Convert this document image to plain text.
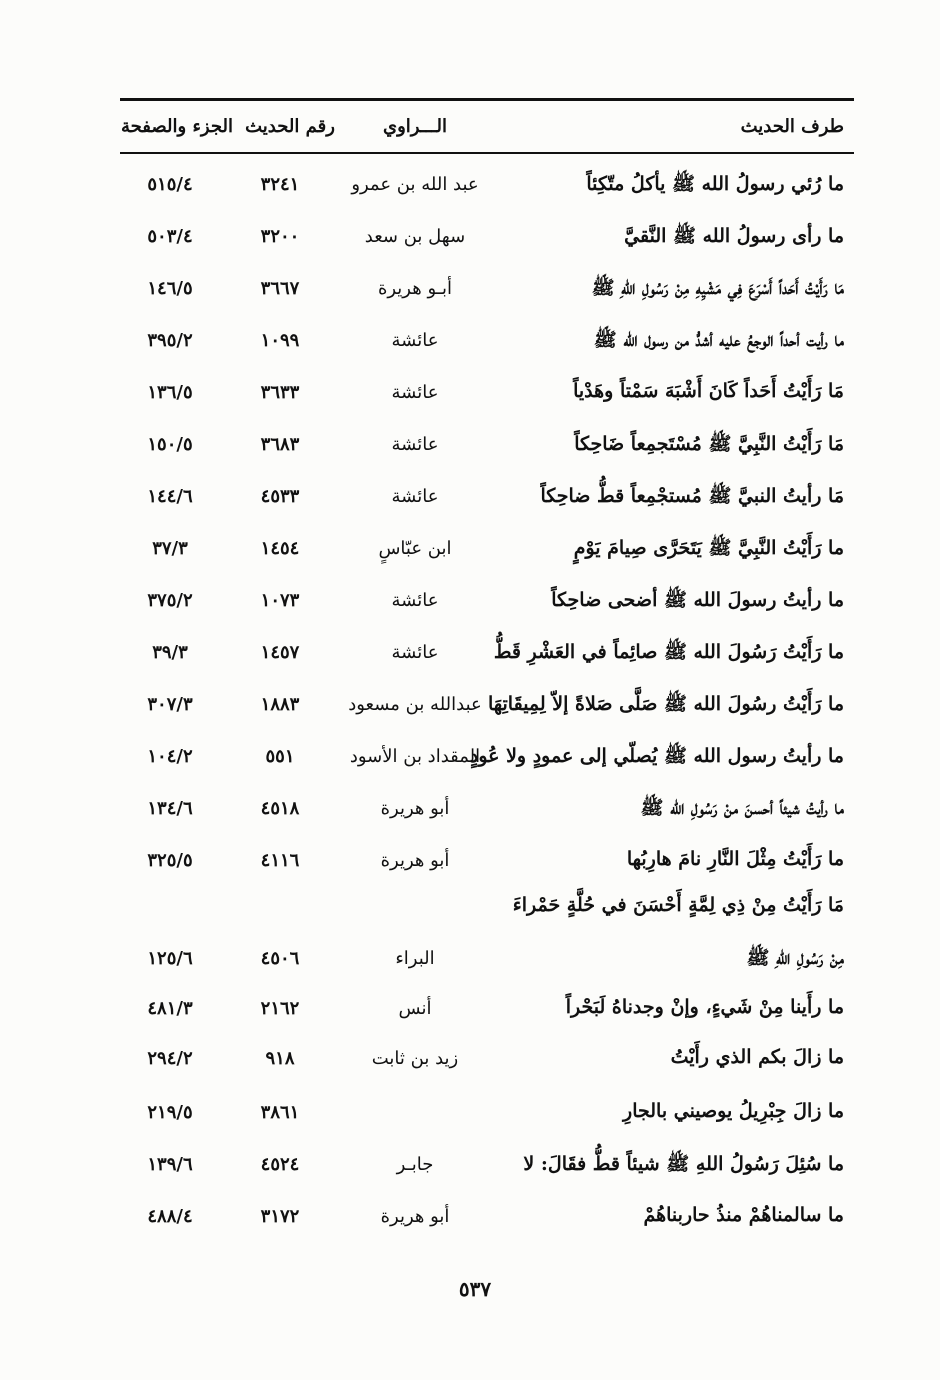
طرف الحديث
الـــراوي
رقم الحديث
الجزء والصفحة
ما رُئي رسولُ الله ﷺ يأكلُ متّكِئاً
عبد الله بن عمرو
٣٢٤١
٥١٥/٤
ما رأى رسولُ الله ﷺ النَّقيَّ
سهل بن سعد
٣٢٠٠
٥٠٣/٤
مَا رَأَيْتُ أَحَداً أَسْرَعَ فِي مَشْيِهِ مِنْ رَسُولِ اللهِ ﷺ
أبـو هريرة
٣٦٦٧
١٤٦/٥
ما رأيت أحداً الوجعُ عليه أشدُّ من رسول الله ﷺ
عائشة
١٠٩٩
٣٩٥/٢
مَا رَأَيْتُ أَحَداً كَانَ أَشْبَهَ سَمْتاً وهَدْياً
عائشة
٣٦٣٣
١٣٦/٥
مَا رَأَيْتُ النَّبِيَّ ﷺ مُسْتَجمِعاً ضَاحِكاً
عائشة
٣٦٨٣
١٥٠/٥
مَا رأيتُ النبيَّ ﷺ مُستجْمِعاً قطُّ ضاحِكاً
عائشة
٤٥٣٣
١٤٤/٦
ما رَأَيْتُ النَّبِيَّ ﷺ يَتَحَرَّى صِيامَ يَوْمٍ
ابن عبّاسٍ
١٤٥٤
٣٧/٣
ما رأيتُ رسولَ الله ﷺ أضحى ضاحِكاً
عائشة
١٠٧٣
٣٧٥/٢
ما رَأَيْتُ رَسُولَ الله ﷺ صائِماً في العَشْرِ قَطُّ
عائشة
١٤٥٧
٣٩/٣
ما رَأَيْتُ رسُولَ الله ﷺ صَلَّى صَلاةً إلاّ لِمِيقَاتِهَا
عبدالله بن مسعود
١٨٨٣
٣٠٧/٣
ما رأيتُ رسول الله ﷺ يُصلّي إلى عمودٍ ولا عُودٍ
المقداد بن الأسود
٥٥١
١٠٤/٢
ما رأيتُ شيئاً أحسنَ منْ رَسُولِ الله ﷺ
أبو هريرة
٤٥١٨
١٣٤/٦
ما رَأَيْتُ مِثْلَ النَّارِ نامَ هارِبُها
أبو هريرة
٤١١٦
٣٢٥/٥
مَا رَأَيْتُ مِنْ ذِي لِمَّةٍ أَحْسَنَ في حُلَّةٍ حَمْراءَ
مِنْ رَسُولِ اللهِ ﷺ
البراء
٤٥٠٦
١٢٥/٦
ما رأَينا مِنْ شَيءٍ، وإنْ وجدناهُ لَبَحْراً
أنس
٢١٦٢
٤٨١/٣
ما زالَ بكم الذي رأَيْتُ
زيد بن ثابت
٩١٨
٢٩٤/٢
ما زالَ جِبْرِيلُ يوصيني بالجارِ
٣٨٦١
٢١٩/٥
ما سُئِلَ رَسُولُ اللهِ ﷺ شيئاً قطُّ فقَالَ: لا
جابـر
٤٥٢٤
١٣٩/٦
ما سالمناهُمْ منذُ حاربناهُمْ
أبو هريرة
٣١٧٢
٤٨٨/٤
٥٣٧
